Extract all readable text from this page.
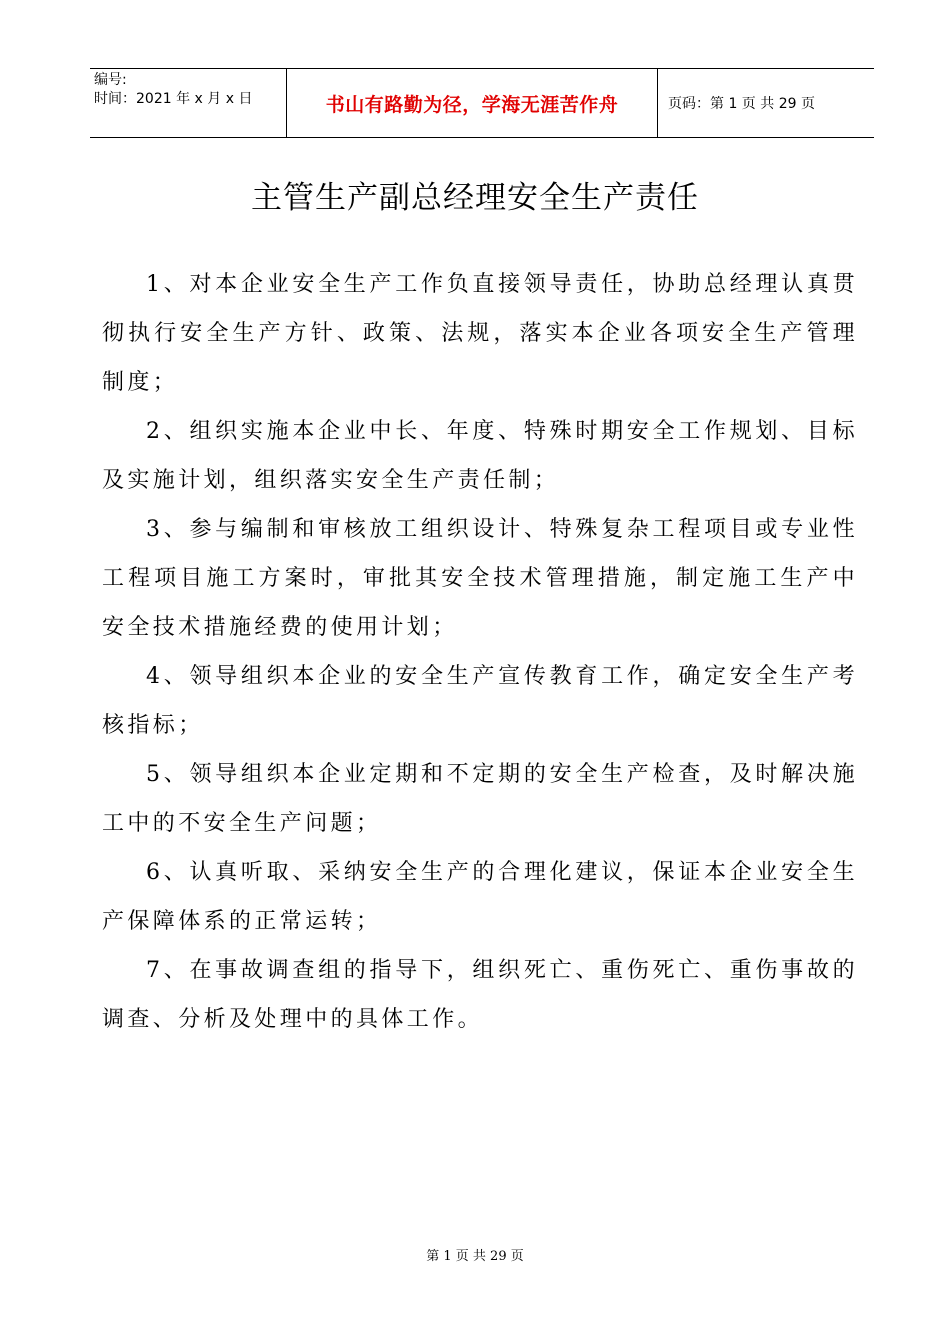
编号:
时间：2021 年 x 月 x 日	书山有路勤为径，学海无涯苦作舟	页码：第 1 页 共 29 页
主管生产副总经理安全生产责任

1、对本企业安全生产工作负直接领导责任，协助总经理认真贯彻执行安全生产方针、政策、法规，落实本企业各项安全生产管理制度；

2、组织实施本企业中长、年度、特殊时期安全工作规划、目标及实施计划，组织落实安全生产责任制；

3、参与编制和审核放工组织设计、特殊复杂工程项目或专业性工程项目施工方案时，审批其安全技术管理措施，制定施工生产中安全技术措施经费的使用计划；

4、领导组织本企业的安全生产宣传教育工作，确定安全生产考核指标；

5、领导组织本企业定期和不定期的安全生产检查，及时解决施工中的不安全生产问题；

6、认真听取、采纳安全生产的合理化建议，保证本企业安全生产保障体系的正常运转；

7、在事故调查组的指导下，组织死亡、重伤死亡、重伤事故的调查、分析及处理中的具体工作。

第 1 页 共 29 页
